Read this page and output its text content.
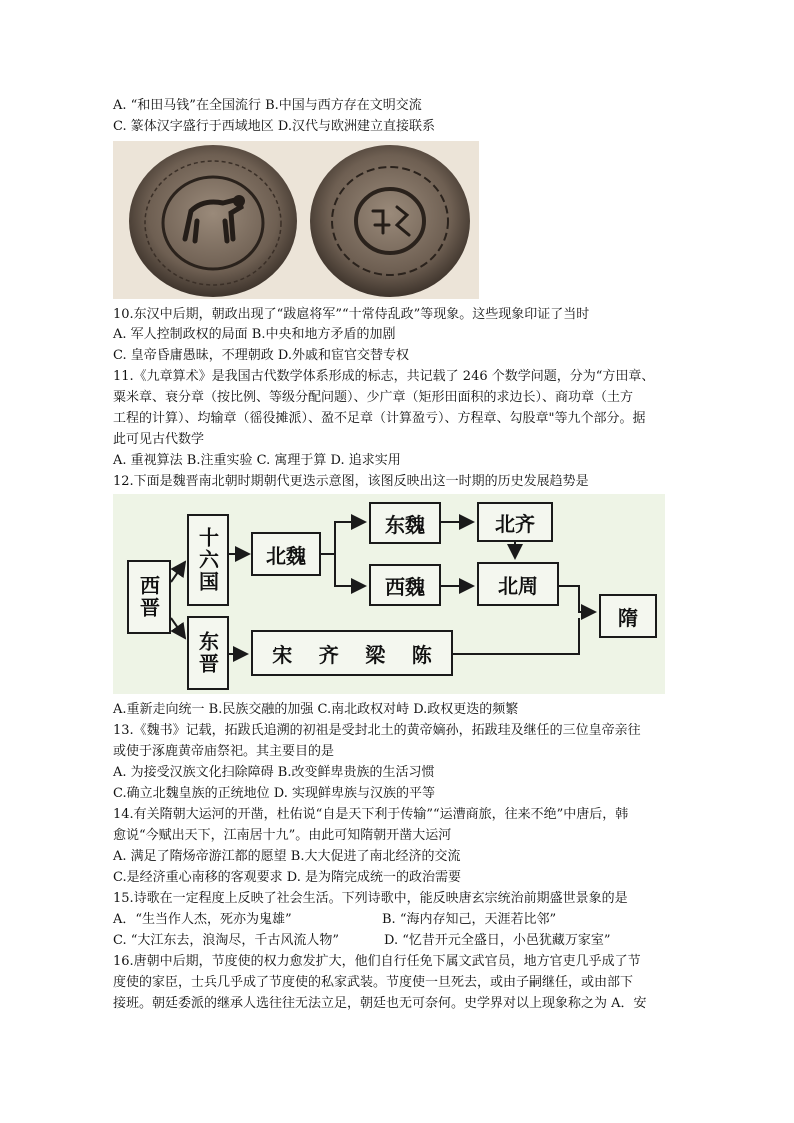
A. “和田马钱”在全国流行 B.中国与西方存在文明交流
C. 篆体汉字盛行于西域地区 D.汉代与欧洲建立直接联系
10.东汉中后期，朝政出现了“跋扈将军”“十常侍乱政”等现象。这些现象印证了当时
A. 军人控制政权的局面 B.中央和地方矛盾的加剧
C. 皇帝昏庸愚昧，不理朝政 D.外戚和宦官交替专权
11.《九章算术》是我国古代数学体系形成的标志，共记载了 246 个数学问题，分为“方田章、
粟米章、衰分章（按比例、等级分配问题）、少广章（矩形田面积的求边长）、商功章（土方
工程的计算）、均输章（徭役摊派）、盈不足章（计算盈亏）、方程章、勾股章"等九个部分。据
此可见古代数学
A. 重视算法 B.注重实验 C. 寓理于算 D. 追求实用
12.下面是魏晋南北朝时期朝代更迭示意图，该图反映出这一时期的历史发展趋势是
西晋
十六国
东晋
北魏
东魏
西魏
北齐
北周
隋
宋 齐 梁 陈
A.重新走向统一 B.民族交融的加强 C.南北政权对峙 D.政权更迭的频繁
13.《魏书》记载，拓跋氏追溯的初祖是受封北土的黄帝嫡孙，拓跋珪及继任的三位皇帝亲往
或使于涿鹿黄帝庙祭祀。其主要目的是
A. 为接受汉族文化扫除障碍 B.改变鲜卑贵族的生活习惯
C.确立北魏皇族的正统地位 D. 实现鲜卑族与汉族的平等
14.有关隋朝大运河的开凿，杜佑说“自是天下利于传输”“运漕商旅，往来不绝”中唐后，韩
愈说“今赋出天下，江南居十九”。由此可知隋朝开凿大运河
A. 满足了隋炀帝游江都的愿望 B.大大促进了南北经济的交流
C.是经济重心南移的客观要求 D. 是为隋完成统一的政治需要
15.诗歌在一定程度上反映了社会生活。下列诗歌中，能反映唐玄宗统治前期盛世景象的是
A．“生当作人杰，死亦为鬼雄”	B. “海内存知己，天涯若比邻”
C. “大江东去，浪淘尽，千古风流人物”	D. “忆昔开元全盛日，小邑犹藏万家室”
16.唐朝中后期，节度使的权力愈发扩大，他们自行任免下属文武官员，地方官吏几乎成了节
度使的家臣，士兵几乎成了节度使的私家武装。节度使一旦死去，或由子嗣继任，或由部下
接班。朝廷委派的继承人选往往无法立足，朝廷也无可奈何。史学界对以上现象称之为 A．安
